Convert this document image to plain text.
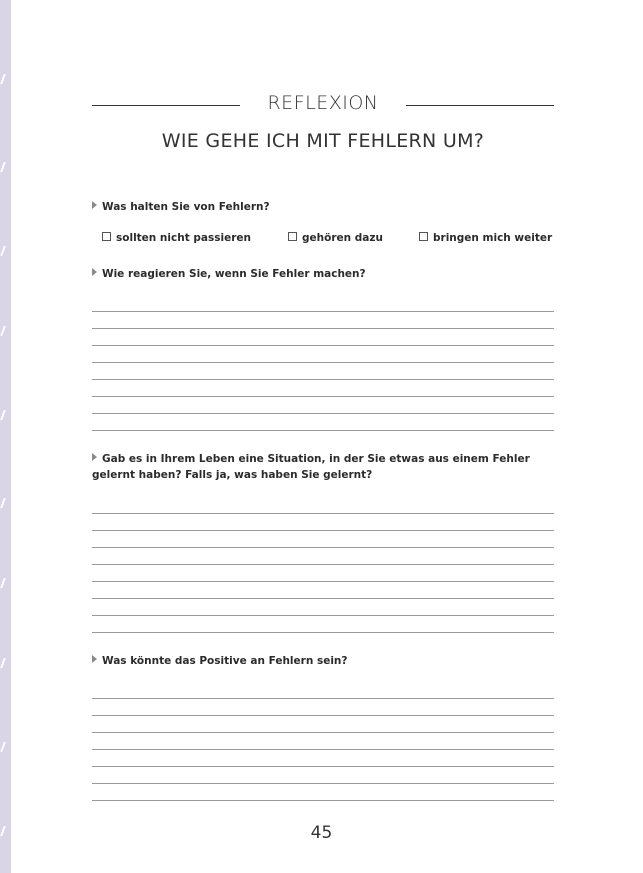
REFLEXION
WIE GEHE ICH MIT FEHLERN UM?
Was halten Sie von Fehlern?
sollten nicht passieren	gehören dazu	bringen mich weiter
Wie reagieren Sie, wenn Sie Fehler machen?
Gab es in Ihrem Leben eine Situation, in der Sie etwas aus einem Fehler gelernt haben? Falls ja, was haben Sie gelernt?
Was könnte das Positive an Fehlern sein?
45
